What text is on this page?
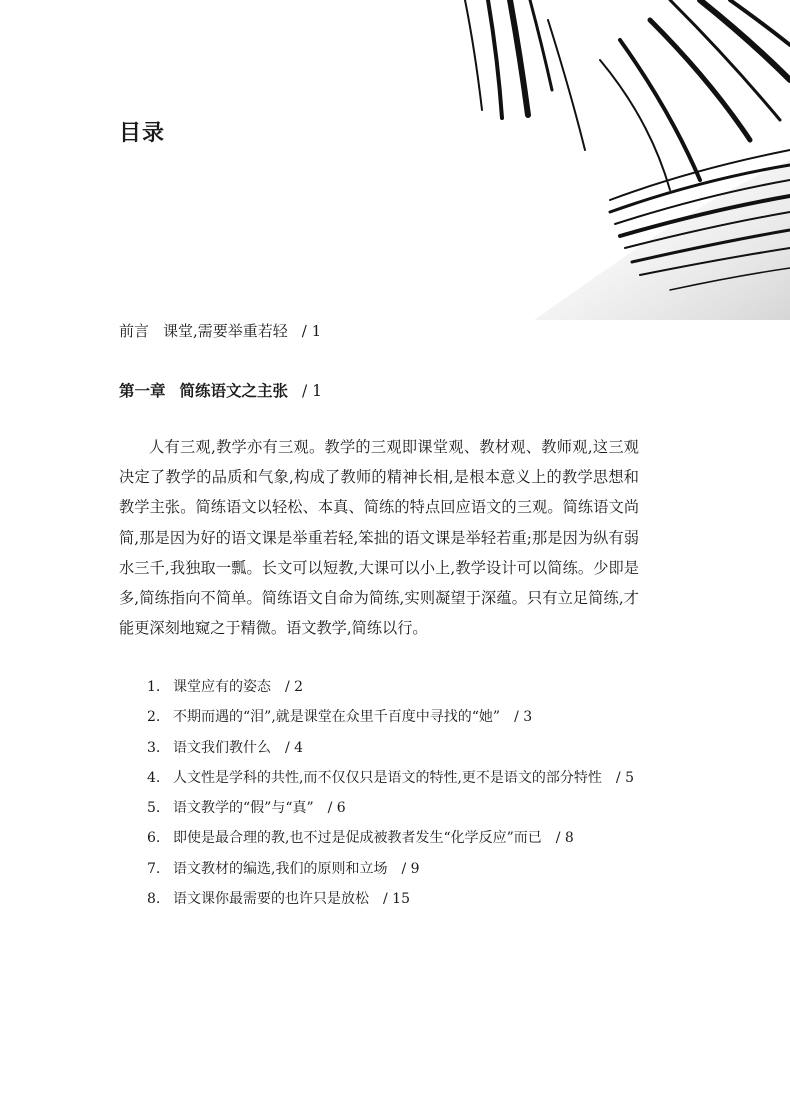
目录
前言 课堂,需要举重若轻 / 1
第一章 简练语文之主张 / 1

人有三观,教学亦有三观。教学的三观即课堂观、教材观、教师观,这三观决定了教学的品质和气象,构成了教师的精神长相,是根本意义上的教学思想和教学主张。简练语文以轻松、本真、简练的特点回应语文的三观。简练语文尚简,那是因为好的语文课是举重若轻,笨拙的语文课是举轻若重;那是因为纵有弱水三千,我独取一瓢。长文可以短教,大课可以小上,教学设计可以简练。少即是多,简练指向不简单。简练语文自命为简练,实则凝望于深蕴。只有立足简练,才能更深刻地窥之于精微。语文教学,简练以行。

1. 课堂应有的姿态 / 2
2. 不期而遇的“泪”,就是课堂在众里千百度中寻找的“她” / 3
3. 语文我们教什么 / 4
4. 人文性是学科的共性,而不仅仅只是语文的特性,更不是语文的部分特性 / 5
5. 语文教学的“假”与“真” / 6
6. 即使是最合理的教,也不过是促成被教者发生“化学反应”而已 / 8
7. 语文教材的编选,我们的原则和立场 / 9
8. 语文课你最需要的也许只是放松 / 15
